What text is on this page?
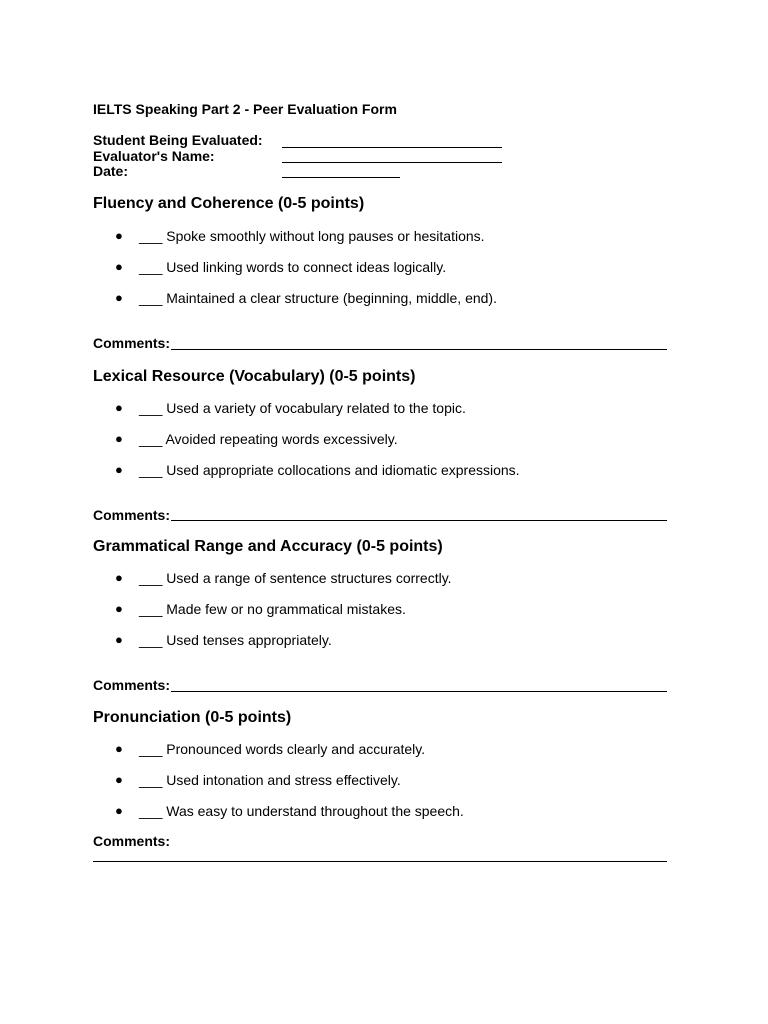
IELTS Speaking Part 2 - Peer Evaluation Form
Student Being Evaluated:
Evaluator's Name:
Date:
Fluency and Coherence (0-5 points)
● ___ Spoke smoothly without long pauses or hesitations.
● ___ Used linking words to connect ideas logically.
● ___ Maintained a clear structure (beginning, middle, end).
Comments:
Lexical Resource (Vocabulary) (0-5 points)
● ___ Used a variety of vocabulary related to the topic.
● ___ Avoided repeating words excessively.
● ___ Used appropriate collocations and idiomatic expressions.
Comments:
Grammatical Range and Accuracy (0-5 points)
● ___ Used a range of sentence structures correctly.
● ___ Made few or no grammatical mistakes.
● ___ Used tenses appropriately.
Comments:
Pronunciation (0-5 points)
● ___ Pronounced words clearly and accurately.
● ___ Used intonation and stress effectively.
● ___ Was easy to understand throughout the speech.
Comments:
